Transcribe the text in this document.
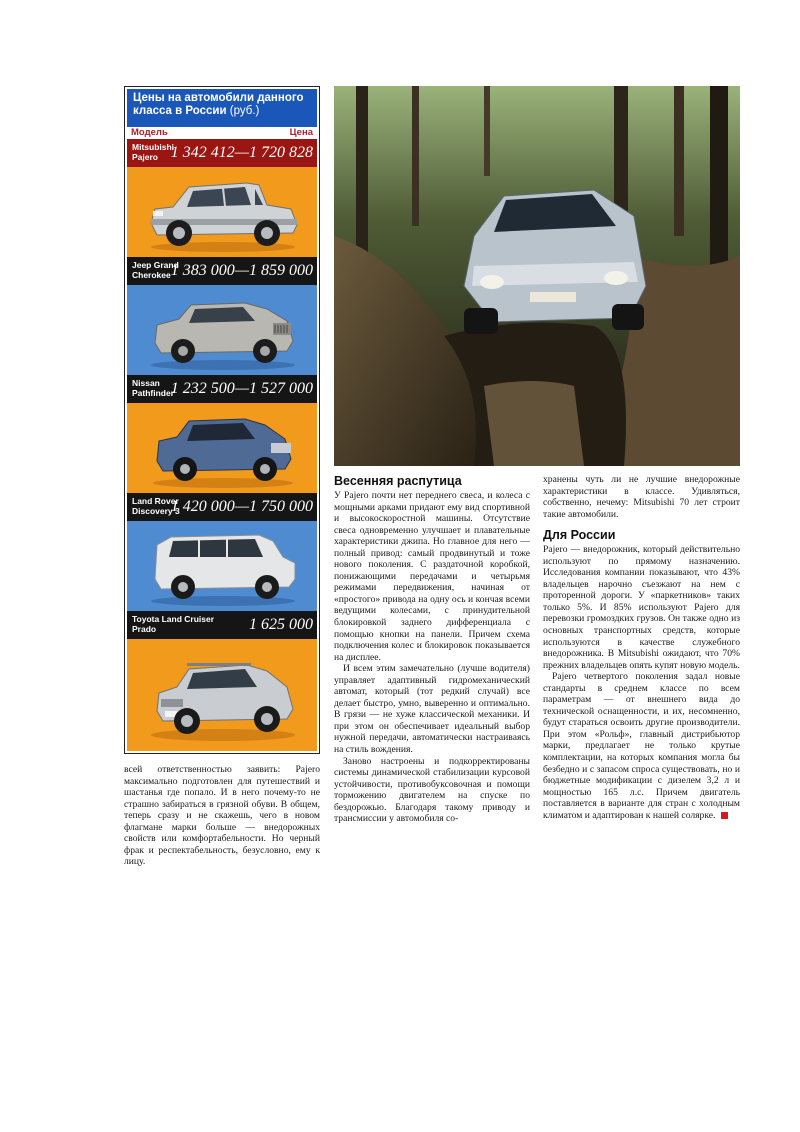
Цены на автомобили данного класса в России (руб.)
Модель	Цена
Mitsubishi
Pajero 1 342 412—1 720 828
Jeep Grand
Cherokee 1 383 000—1 859 000
Nissan
Pathfinder
1 232 500—1 527 000
Land Rover
Discovery 3
1 420 000—1 750 000
Toyota Land Cruiser
Prado	1 625 000

всей ответственностью заявить: Pajero максимально подготовлен для путешествий и шастанья где попало. И в него почему-то не страшно забираться в грязной обуви. В общем, теперь сразу и не скажешь, чего в новом флагмане марки больше — внедорожных свойств или комфортабельности. Но черный фрак и респектабельность, безусловно, ему к лицу.

Весенняя распутица

У Pajero почти нет переднего свеса, и колеса с мощными арками придают ему вид спортивной и высокоскоростной машины. Отсутствие свеса одновременно улучшает и плавательные характеристики джипа. Но главное для него — полный привод: самый продвинутый и тоже нового поколения. С раздаточной коробкой, понижающими передачами и четырьмя режимами передвижения, начиная от «простого» привода на одну ось и кончая всеми ведущими колесами, с принудительной блокировкой заднего дифференциала с помощью кнопки на панели. Причем схема подключения колес и блокировок показывается на дисплее.

И всем этим замечательно (лучше водителя) управляет адаптивный гидромеханический автомат, который (тот редкий случай) все делает быстро, умно, выверенно и оптимально. В грязи — не хуже классической механики. И при этом он обеспечивает идеальный выбор нужной передачи, автоматически настраиваясь на стиль вождения.

Заново настроены и подкорректированы системы динамической стабилизации курсовой устойчивости, противобуксовочная и помощи торможению двигателем на спуске по бездорожью. Благодаря такому приводу и трансмиссии у автомобиля со-

хранены чуть ли не лучшие внедорожные характеристики в классе. Удивляться, собственно, нечему: Mitsubishi 70 лет строит такие автомобили.

Для России

Pajero — внедорожник, который действительно используют по прямому назначению. Исследования компании показывают, что 43% владельцев нарочно съезжают на нем с проторенной дороги. У «паркетников» таких только 5%. И 85% используют Pajero для перевозки громоздких грузов. Он также одно из основных транспортных средств, которые используются в качестве служебного внедорожника. В Mitsubishi ожидают, что 70% прежних владельцев опять купят новую модель.

Pajero четвертого поколения задал новые стандарты в среднем классе по всем параметрам — от внешнего вида до технической оснащенности, и их, несомненно, будут стараться освоить другие производители. При этом «Рольф», главный дистрибьютор марки, предлагает не только крутые комплектации, на которых компания могла бы безбедно и с запасом спроса существовать, но и бюджетные модификации с дизелем 3,2 л и мощностью 165 л.с. Причем двигатель поставляется в варианте для стран с холодным климатом и адаптирован к нашей солярке.
